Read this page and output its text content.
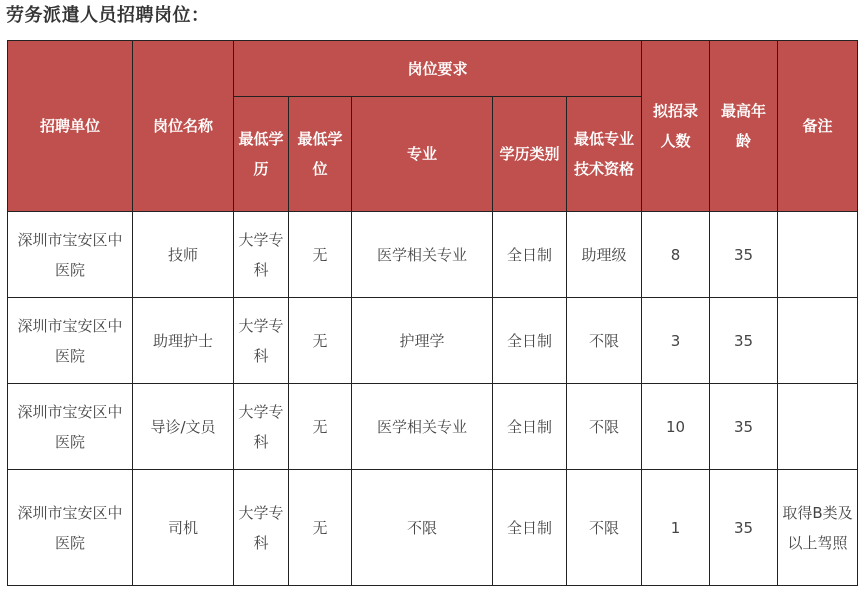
劳务派遣人员招聘岗位：
招聘单位	岗位名称	岗位要求					拟招录人数	最高年龄	备注
		最低学历	最低学位	专业	学历类别	最低专业技术资格			
深圳市宝安区中医院	技师	大学专科	无	医学相关专业	全日制	助理级	8	35	
深圳市宝安区中医院	助理护士	大学专科	无	护理学	全日制	不限	3	35	
深圳市宝安区中医院	导诊/文员	大学专科	无	医学相关专业	全日制	不限	10	35	
深圳市宝安区中医院	司机	大学专科	无	不限	全日制	不限	1	35	取得B类及以上驾照
